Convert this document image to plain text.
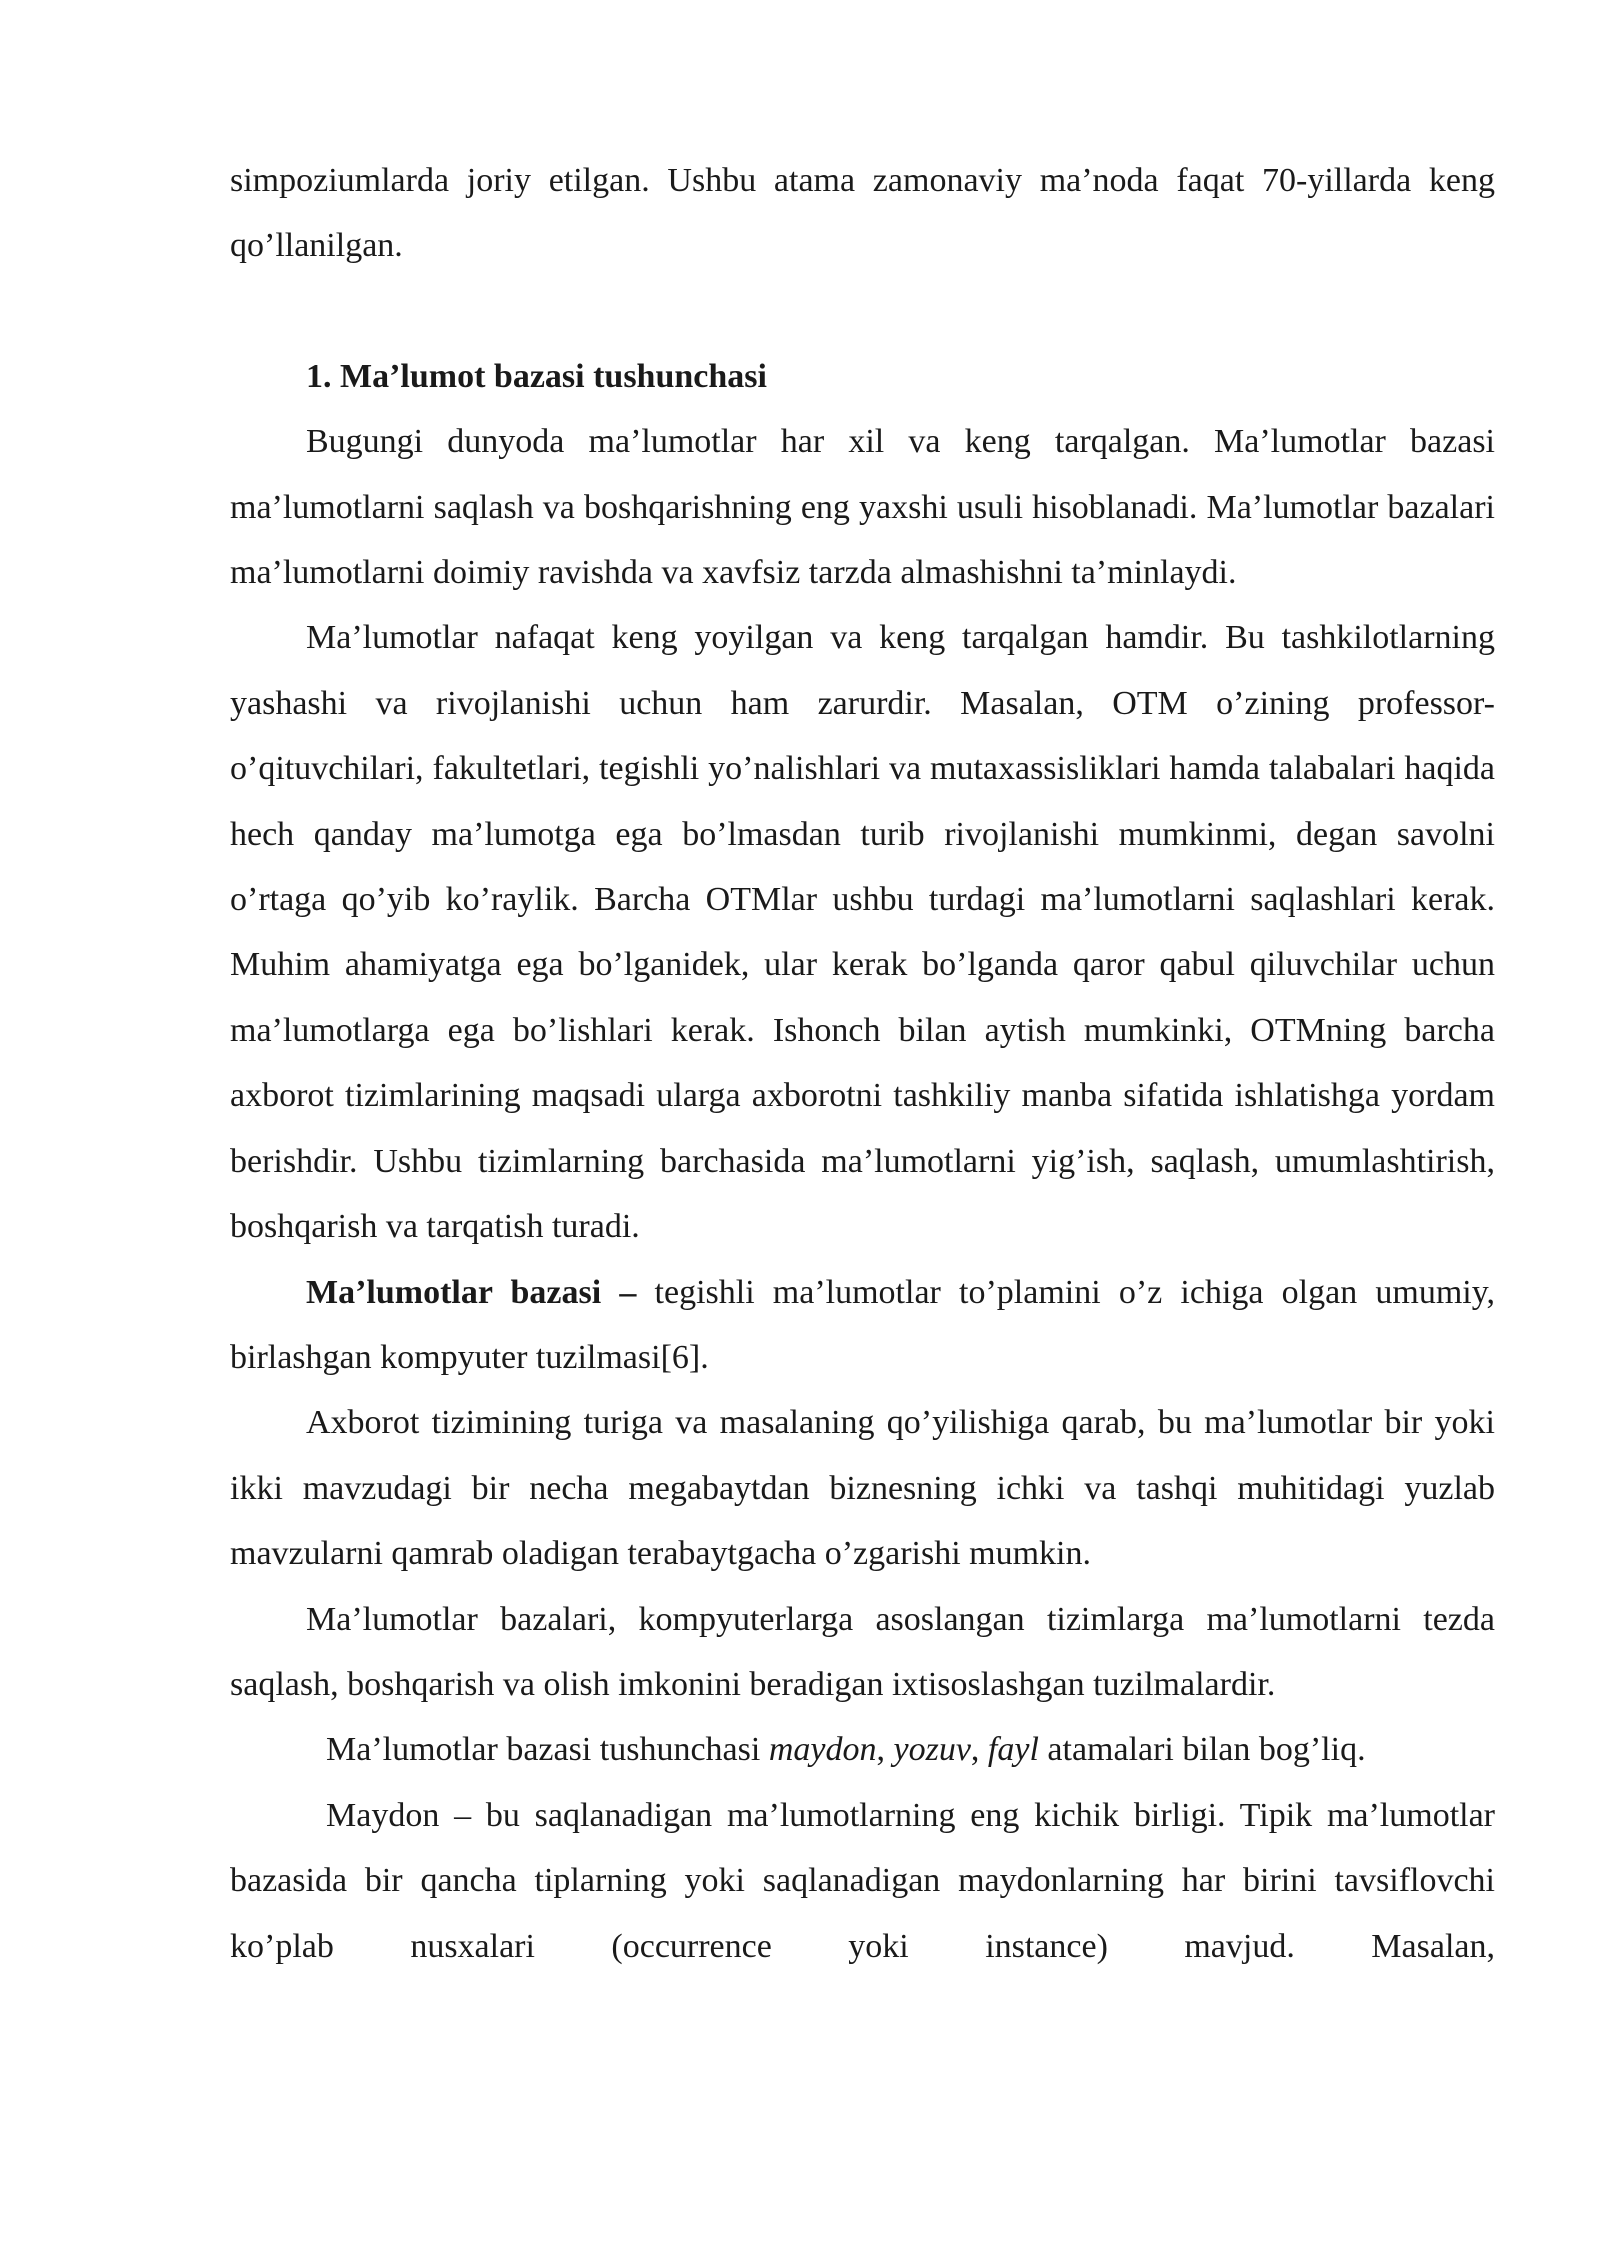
simpoziumlarda joriy etilgan. Ushbu atama zamonaviy ma’noda faqat 70-yillarda keng qo’llanilgan.

1. Ma’lumot bazasi tushunchasi

Bugungi dunyoda ma’lumotlar har xil va keng tarqalgan. Ma’lumotlar bazasi ma’lumotlarni saqlash va boshqarishning eng yaxshi usuli hisoblanadi. Ma’lumotlar bazalari ma’lumotlarni doimiy ravishda va xavfsiz tarzda almashishni ta’minlaydi.

Ma’lumotlar nafaqat keng yoyilgan va keng tarqalgan hamdir. Bu tashkilotlarning yashashi va rivojlanishi uchun ham zarurdir. Masalan, OTM o’zining professor-o’qituvchilari, fakultetlari, tegishli yo’nalishlari va mutaxassisliklari hamda talabalari haqida hech qanday ma’lumotga ega bo’lmasdan turib rivojlanishi mumkinmi, degan savolni o’rtaga qo’yib ko’raylik. Barcha OTMlar ushbu turdagi ma’lumotlarni saqlashlari kerak. Muhim ahamiyatga ega bo’lganidek, ular kerak bo’lganda qaror qabul qiluvchilar uchun ma’lumotlarga ega bo’lishlari kerak. Ishonch bilan aytish mumkinki, OTMning barcha axborot tizimlarining maqsadi ularga axborotni tashkiliy manba sifatida ishlatishga yordam berishdir. Ushbu tizimlarning barchasida ma’lumotlarni yig’ish, saqlash, umumlashtirish, boshqarish va tarqatish turadi.

Ma’lumotlar bazasi – tegishli ma’lumotlar to’plamini o’z ichiga olgan umumiy, birlashgan kompyuter tuzilmasi[6].

Axborot tizimining turiga va masalaning qo’yilishiga qarab, bu ma’lumotlar bir yoki ikki mavzudagi bir necha megabaytdan biznesning ichki va tashqi muhitidagi yuzlab mavzularni qamrab oladigan terabaytgacha o’zgarishi mumkin.

Ma’lumotlar bazalari, kompyuterlarga asoslangan tizimlarga ma’lumotlarni tezda saqlash, boshqarish va olish imkonini beradigan ixtisoslashgan tuzilmalardir.

Ma’lumotlar bazasi tushunchasi maydon, yozuv, fayl atamalari bilan bog’liq.

Maydon – bu saqlanadigan ma’lumotlarning eng kichik birligi. Tipik ma’lumotlar bazasida bir qancha tiplarning yoki saqlanadigan maydonlarning har birini tavsiflovchi ko’plab nusxalari (occurrence yoki instance) mavjud. Masalan,
